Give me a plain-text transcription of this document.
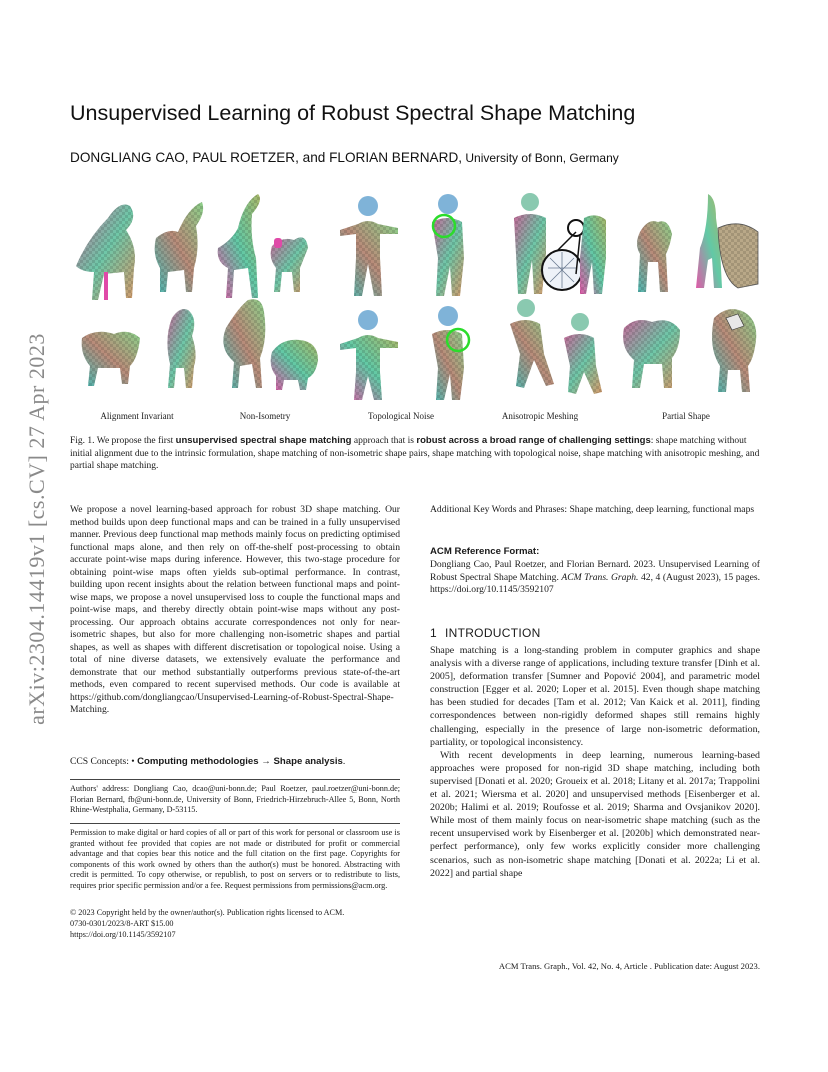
arXiv:2304.14419v1 [cs.CV] 27 Apr 2023
Unsupervised Learning of Robust Spectral Shape Matching
DONGLIANG CAO, PAUL ROETZER, and FLORIAN BERNARD, University of Bonn, Germany
Alignment Invariant	Non-Isometry	Topological Noise	Anisotropic Meshing	Partial Shape

Fig. 1. We propose the first unsupervised spectral shape matching approach that is robust across a broad range of challenging settings: shape matching without initial alignment due to the intrinsic formulation, shape matching of non-isometric shape pairs, shape matching with topological noise, shape matching with anisotropic meshing, and partial shape matching.

We propose a novel learning-based approach for robust 3D shape matching. Our method builds upon deep functional maps and can be trained in a fully unsupervised manner. Previous deep functional map methods mainly focus on predicting optimised functional maps alone, and then rely on off-the-shelf post-processing to obtain accurate point-wise maps during inference. However, this two-stage procedure for obtaining point-wise maps often yields sub-optimal performance. In contrast, building upon recent insights about the relation between functional maps and point-wise maps, we propose a novel unsupervised loss to couple the functional maps and point-wise maps, and thereby directly obtain point-wise maps without any post-processing. Our approach obtains accurate correspondences not only for near-isometric shapes, but also for more challenging non-isometric shapes and partial shapes, as well as shapes with different discretisation or topological noise. Using a total of nine diverse datasets, we extensively evaluate the performance and demonstrate that our method substantially outperforms previous state-of-the-art methods, even compared to recent supervised methods. Our code is available at https://github.com/dongliangcao/Unsupervised-Learning-of-Robust-Spectral-Shape-Matching.

CCS Concepts: • Computing methodologies → Shape analysis.

Authors' address: Dongliang Cao, dcao@uni-bonn.de; Paul Roetzer, paul.roetzer@uni-bonn.de; Florian Bernard, fb@uni-bonn.de, University of Bonn, Friedrich-Hirzebruch-Allee 5, Bonn, North Rhine-Westphalia, Germany, D-53115.

Permission to make digital or hard copies of all or part of this work for personal or classroom use is granted without fee provided that copies are not made or distributed for profit or commercial advantage and that copies bear this notice and the full citation on the first page. Copyrights for components of this work owned by others than the author(s) must be honored. Abstracting with credit is permitted. To copy otherwise, or republish, to post on servers or to redistribute to lists, requires prior specific permission and/or a fee. Request permissions from permissions@acm.org.

© 2023 Copyright held by the owner/author(s). Publication rights licensed to ACM.

0730-0301/2023/8-ART $15.00

https://doi.org/10.1145/3592107

Additional Key Words and Phrases: Shape matching, deep learning, functional maps

ACM Reference Format:

Dongliang Cao, Paul Roetzer, and Florian Bernard. 2023. Unsupervised Learning of Robust Spectral Shape Matching. ACM Trans. Graph. 42, 4 (August 2023), 15 pages. https://doi.org/10.1145/3592107

1 INTRODUCTION

Shape matching is a long-standing problem in computer graphics and shape analysis with a diverse range of applications, including texture transfer [Dinh et al. 2005], deformation transfer [Sumner and Popović 2004], and parametric model construction [Egger et al. 2020; Loper et al. 2015]. Even though shape matching has been studied for decades [Tam et al. 2012; Van Kaick et al. 2011], finding correspondences between non-rigidly deformed shapes still remains highly challenging, especially in the presence of large non-isometric deformation, partiality, or topological inconsistency.

With recent developments in deep learning, numerous learning-based approaches were proposed for non-rigid 3D shape matching, including both supervised [Donati et al. 2020; Groueix et al. 2018; Litany et al. 2017a; Trappolini et al. 2021; Wiersma et al. 2020] and unsupervised methods [Eisenberger et al. 2020b; Halimi et al. 2019; Roufosse et al. 2019; Sharma and Ovsjanikov 2020]. While most of them mainly focus on near-isometric shape matching (such as the recent unsupervised work by Eisenberger et al. [2020b] which demonstrated near-perfect performance), only few works explicitly consider more challenging scenarios, such as non-isometric shape matching [Donati et al. 2022a; Li et al. 2022] and partial shape

ACM Trans. Graph., Vol. 42, No. 4, Article . Publication date: August 2023.
